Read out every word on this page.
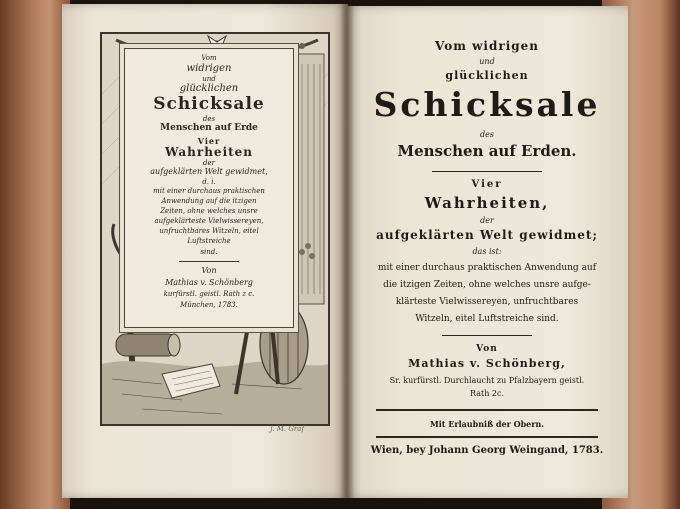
Vom
widrigen
und
glücklichen
Schicksale
des
Menschen auf Erde
Vier
Wahrheiten
der
aufgeklärten Welt gewidmet,
d. i.
mit einer durchaus praktischen
Anwendung auf die itzigen
Zeiten, ohne welches unsre
aufgeklärteste Vielwissereyen,
unfruchtbares Witzeln, eitel
Luftstreiche
sind.
Von
Mathias v. Schönberg
kurfürstl. geistl. Rath z c.
München, 1783.
J. M. Graf
Vom widrigen
und
glücklichen
Schicksale
des
Menschen auf Erden.
Vier
Wahrheiten,
der
aufgeklärten Welt gewidmet;
das ist:
mit einer durchaus praktischen Anwendung auf
die itzigen Zeiten, ohne welches unsre aufge-
klärteste Vielwissereyen, unfruchtbares
Witzeln, eitel Luftstreiche sind.
Von
Mathias v. Schönberg,
Sr. kurfürstl. Durchlaucht zu Pfalzbayern geistl.
Rath 2c.
Mit Erlaubniß der Obern.
Wien, bey Johann Georg Weingand, 1783.
